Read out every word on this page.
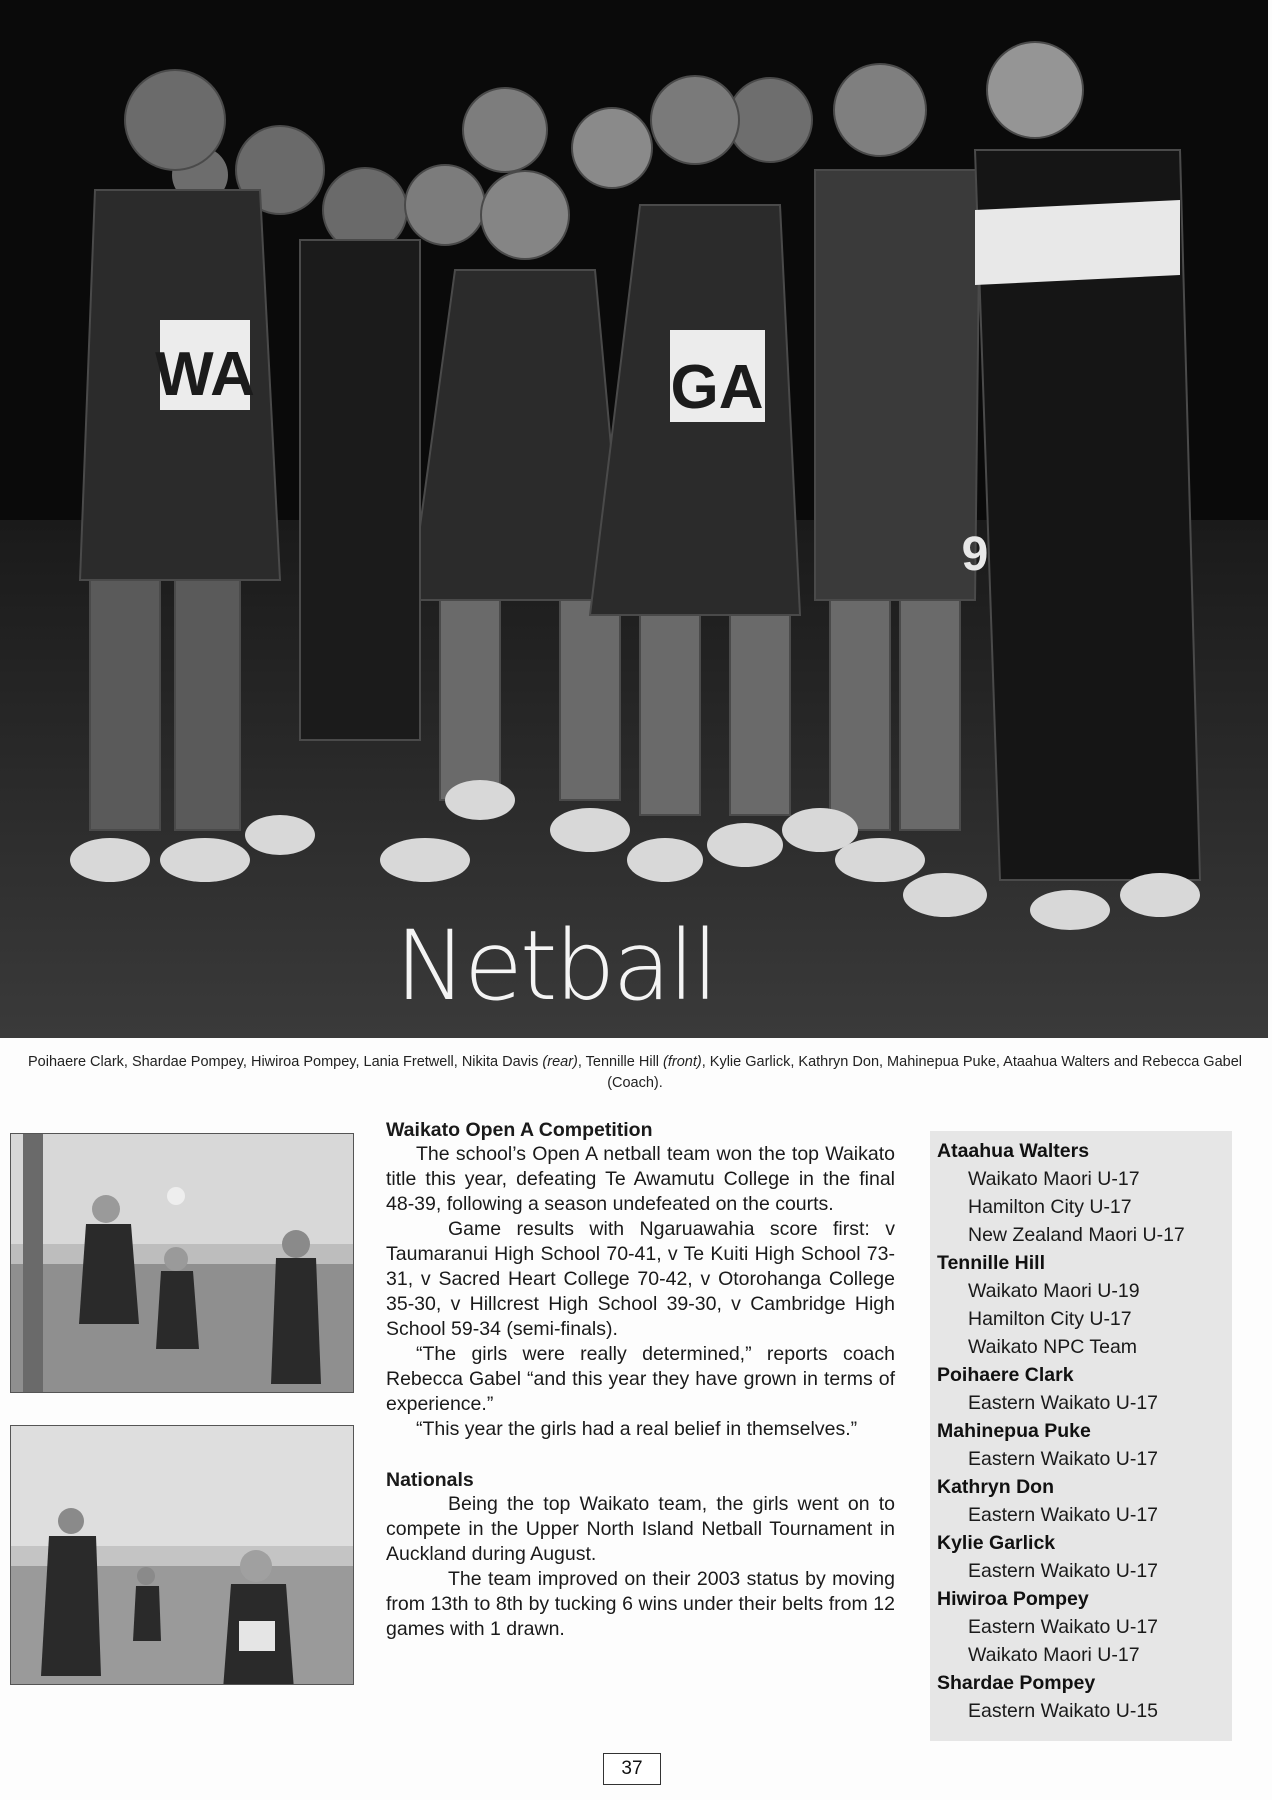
WA	GA
9
Netball
Poihaere Clark, Shardae Pompey, Hiwiroa Pompey, Lania Fretwell, Nikita Davis (rear), Tennille Hill (front), Kylie Garlick, Kathryn Don, Mahinepua Puke, Ataahua Walters and Rebecca Gabel (Coach).
Waikato Open A Competition

The school’s Open A netball team won the top Waikato title this year, defeating Te Awamutu College in the final 48-39, following a season undefeated on the courts.

Game results with Ngaruawahia score first: v Taumaranui High School 70-41, v Te Kuiti High School 73-31, v Sacred Heart College 70-42, v Otorohanga College 35-30, v Hillcrest High School 39-30, v Cambridge High School 59-34 (semi-finals).

“The girls were really determined,” reports coach Rebecca Gabel “and this year they have grown in terms of experience.”

“This year the girls had a real belief in themselves.”

Nationals

Being the top Waikato team, the girls went on to compete in the Upper North Island Netball Tournament in Auckland during August.

The team improved on their 2003 status by moving from 13th to 8th by tucking 6 wins under their belts from 12 games with 1 drawn.

Ataahua Walters
Waikato Maori U-17
Hamilton City U-17
New Zealand Maori U-17
Tennille Hill
Waikato Maori U-19
Hamilton City U-17
Waikato NPC Team
Poihaere Clark
Eastern Waikato U-17
Mahinepua Puke
Eastern Waikato U-17
Kathryn Don
Eastern Waikato U-17
Kylie Garlick
Eastern Waikato U-17
Hiwiroa Pompey
Eastern Waikato U-17
Waikato Maori U-17
Shardae Pompey
Eastern Waikato U-15
37
